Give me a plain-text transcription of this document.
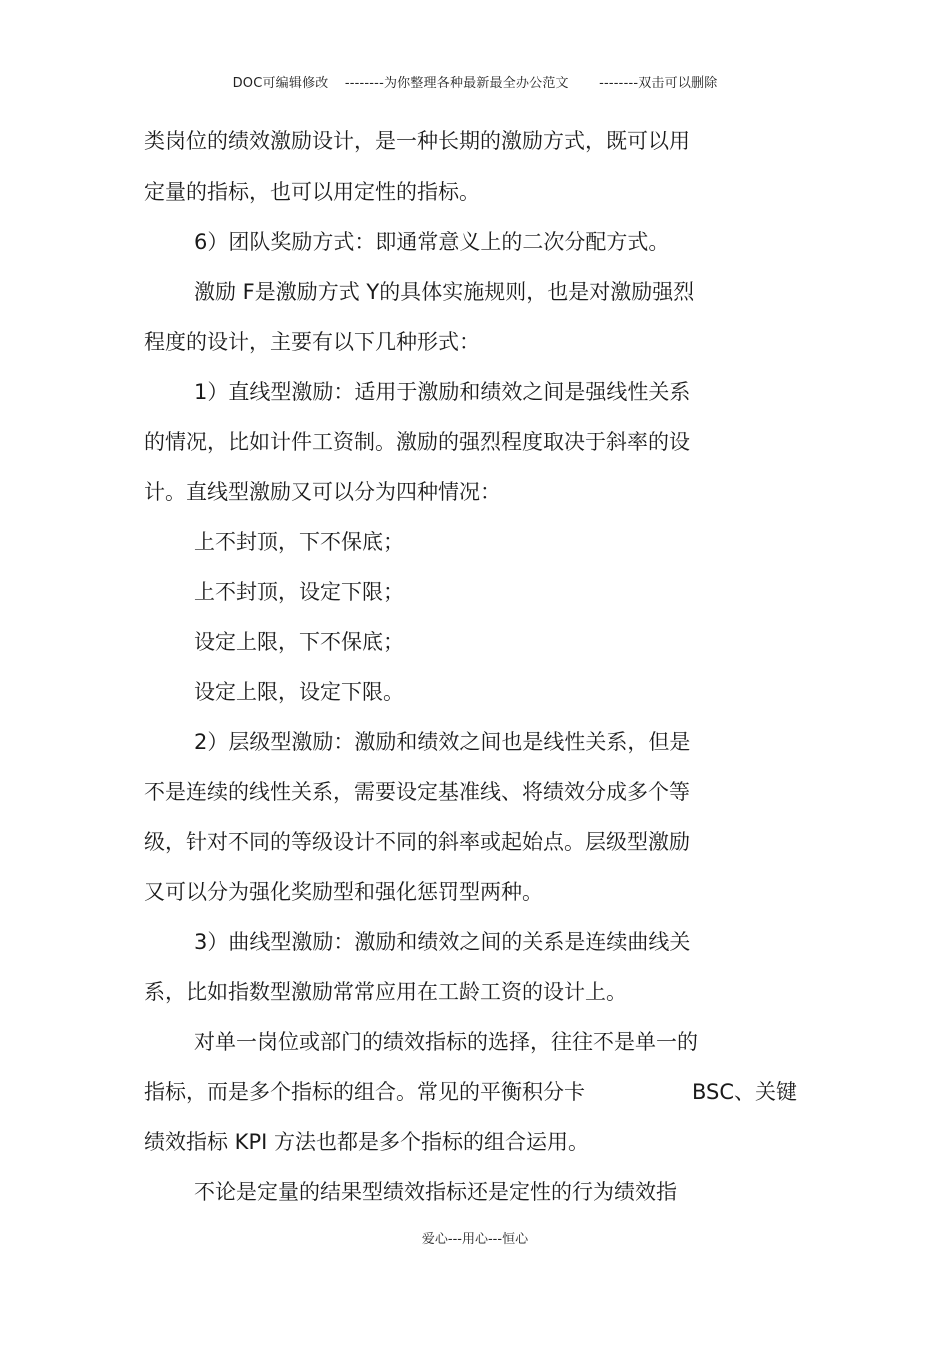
DOC可编辑修改 --------为你整理各种最新最全办公范文 --------双击可以删除
类岗位的绩效激励设计，是一种长期的激励方式，既可以用
定量的指标，也可以用定性的指标。
6）团队奖励方式：即通常意义上的二次分配方式。
激励 F是激励方式 Y的具体实施规则，也是对激励强烈
程度的设计，主要有以下几种形式：
1）直线型激励：适用于激励和绩效之间是强线性关系
的情况，比如计件工资制。激励的强烈程度取决于斜率的设
计。直线型激励又可以分为四种情况：
上不封顶，下不保底；
上不封顶，设定下限；
设定上限，下不保底；
设定上限，设定下限。
2）层级型激励：激励和绩效之间也是线性关系，但是
不是连续的线性关系，需要设定基准线、将绩效分成多个等
级，针对不同的等级设计不同的斜率或起始点。层级型激励
又可以分为强化奖励型和强化惩罚型两种。
3）曲线型激励：激励和绩效之间的关系是连续曲线关
系，比如指数型激励常常应用在工龄工资的设计上。
对单一岗位或部门的绩效指标的选择，往往不是单一的
指标，而是多个指标的组合。常见的平衡积分卡	BSC、关键
绩效指标 KPI 方法也都是多个指标的组合运用。
不论是定量的结果型绩效指标还是定性的行为绩效指
爱心---用心---恒心
